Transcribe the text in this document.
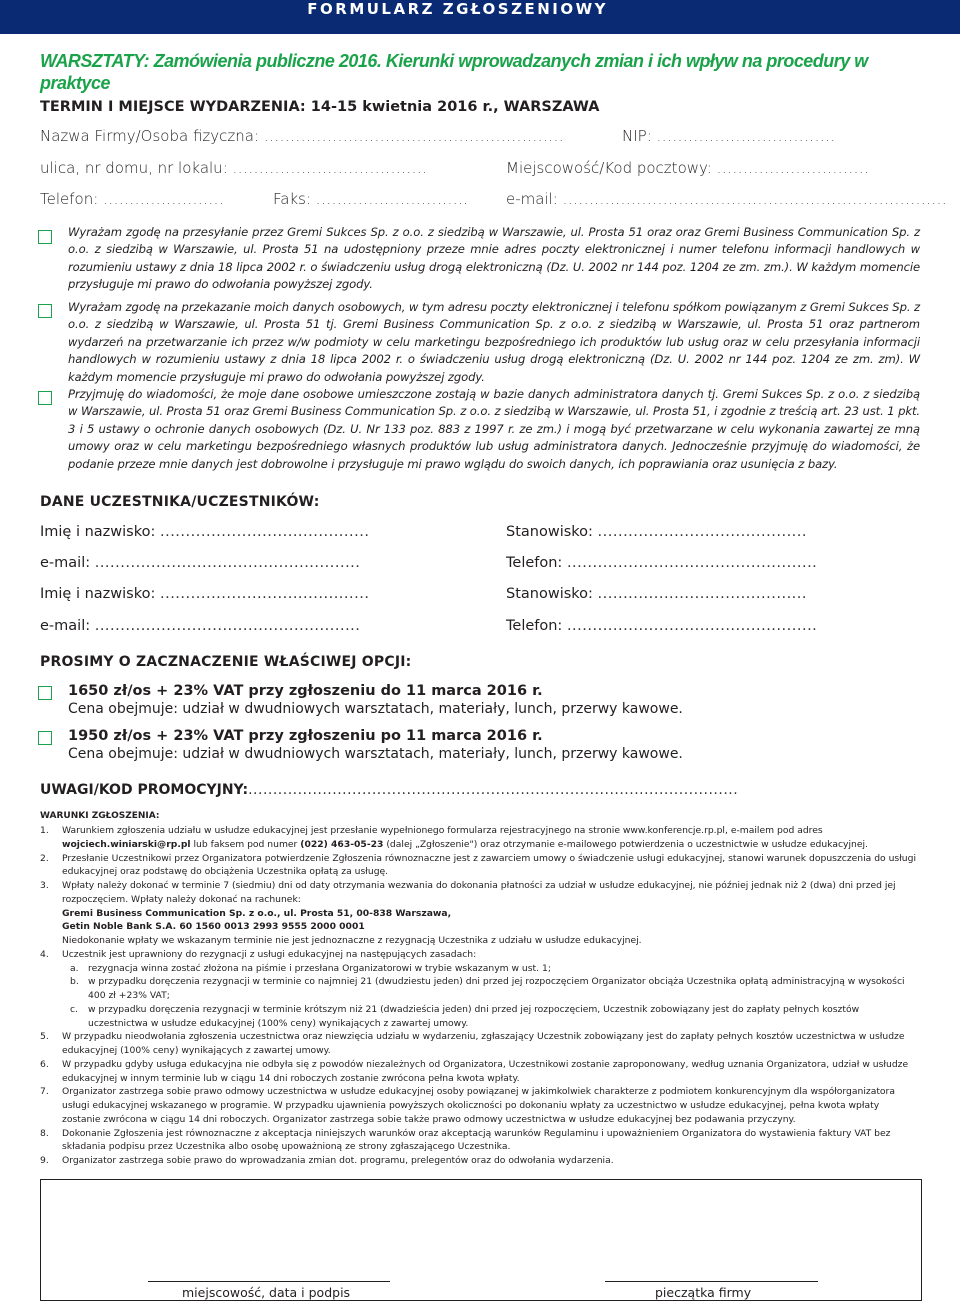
FORMULARZ ZGŁOSZENIOWY
WARSZTATY: Zamówienia publiczne 2016. Kierunki wprowadzanych zmian i ich wpływ na procedury w praktyce
TERMIN I MIEJSCE WYDARZENIA: 14-15 kwietnia 2016 r., WARSZAWA
Nazwa Firmy/Osoba fizyczna: .........................................................	NIP: ..................................
ulica, nr domu, nr lokalu: .....................................	Miejscowość/Kod pocztowy: .............................
Telefon: .......................	Faks: ............................. e-mail: .........................................................................
Wyrażam zgodę na przesyłanie przez Gremi Sukces Sp. z o.o. z siedzibą w Warszawie, ul. Prosta 51 oraz oraz Gremi Business Communication Sp. z o.o. z siedzibą w Warszawie, ul. Prosta 51 na udostępniony przeze mnie adres poczty elektronicznej i numer telefonu informacji handlowych w rozumieniu ustawy z dnia 18 lipca 2002 r. o świadczeniu usług drogą elektroniczną (Dz. U. 2002 nr 144 poz. 1204 ze zm. zm.). W każdym momencie przysługuje mi prawo do odwołania powyższej zgody.
Wyrażam zgodę na przekazanie moich danych osobowych, w tym adresu poczty elektronicznej i telefonu spółkom powiązanym z Gremi Sukces Sp. z o.o. z siedzibą w Warszawie, ul. Prosta 51 tj. Gremi Business Communication Sp. z o.o. z siedzibą w Warszawie, ul. Prosta 51 oraz partnerom wydarzeń na przetwarzanie ich przez w/w podmioty w celu marketingu bezpośredniego ich produktów lub usług oraz w celu przesyłania informacji handlowych w rozumieniu ustawy z dnia 18 lipca 2002 r. o świadczeniu usług drogą elektroniczną (Dz. U. 2002 nr 144 poz. 1204 ze zm. zm). W każdym momencie przysługuje mi prawo do odwołania powyższej zgody.
Przyjmuję do wiadomości, że moje dane osobowe umieszczone zostają w bazie danych administratora danych tj. Gremi Sukces Sp. z o.o. z siedzibą w Warszawie, ul. Prosta 51 oraz Gremi Business Communication Sp. z o.o. z siedzibą w Warszawie, ul. Prosta 51, i zgodnie z treścią art. 23 ust. 1 pkt. 3 i 5 ustawy o ochronie danych osobowych (Dz. U. Nr 133 poz. 883 z 1997 r. ze zm.) i mogą być przetwarzane w celu wykonania zawartej ze mną umowy oraz w celu marketingu bezpośredniego własnych produktów lub usług administratora danych. Jednocześnie przyjmuję do wiadomości, że podanie przeze mnie danych jest dobrowolne i przysługuje mi prawo wglądu do swoich danych, ich poprawiania oraz usunięcia z bazy.
DANE UCZESTNIKA/UCZESTNIKÓW:
Imię i nazwisko: .........................................	Stanowisko: .........................................
e-mail: ....................................................	Telefon: .................................................
Imię i nazwisko: .........................................	Stanowisko: .........................................
e-mail: ....................................................	Telefon: .................................................
PROSIMY O ZACZNACZENIE WŁAŚCIWEJ OPCJI:
1650 zł/os + 23% VAT przy zgłoszeniu do 11 marca 2016 r.
Cena obejmuje: udział w dwudniowych warsztatach, materiały, lunch, przerwy kawowe.
1950 zł/os + 23% VAT przy zgłoszeniu po 11 marca 2016 r.
Cena obejmuje: udział w dwudniowych warsztatach, materiały, lunch, przerwy kawowe.
UWAGI/KOD PROMOCYJNY:...................................................................................................
WARUNKI ZGŁOSZENIA:
1. Warunkiem zgłoszenia udziału w usłudze edukacyjnej jest przesłanie wypełnionego formularza rejestracyjnego na stronie www.konferencje.rp.pl, e-mailem pod adres
wojciech.winiarski@rp.pl lub faksem pod numer (022) 463-05-23 (dalej „Zgłoszenie") oraz otrzymanie e-mailowego potwierdzenia o uczestnictwie w usłudze edukacyjnej.
2. Przesłanie Uczestnikowi przez Organizatora potwierdzenie Zgłoszenia równoznaczne jest z zawarciem umowy o świadczenie usługi edukacyjnej, stanowi warunek dopuszczenia do usługi edukacyjnej oraz podstawę do obciążenia Uczestnika opłatą za usługę.
3. Wpłaty należy dokonać w terminie 7 (siedmiu) dni od daty otrzymania wezwania do dokonania płatności za udział w usłudze edukacyjnej, nie później jednak niż 2 (dwa) dni przed jej rozpoczęciem. Wpłaty należy dokonać na rachunek:
Gremi Business Communication Sp. z o.o., ul. Prosta 51, 00-838 Warszawa,
Getin Noble Bank S.A. 60 1560 0013 2993 9555 2000 0001
Niedokonanie wpłaty we wskazanym terminie nie jest jednoznaczne z rezygnacją Uczestnika z udziału w usłudze edukacyjnej.
4. Uczestnik jest uprawniony do rezygnacji z usługi edukacyjnej na następujących zasadach:
a. rezygnacja winna zostać złożona na piśmie i przesłana Organizatorowi w trybie wskazanym w ust. 1;
b. w przypadku doręczenia rezygnacji w terminie co najmniej 21 (dwudziestu jeden) dni przed jej rozpoczęciem Organizator obciąża Uczestnika opłatą administracyjną w wysokości 400 zł +23% VAT;
c. w przypadku doręczenia rezygnacji w terminie krótszym niż 21 (dwadzieścia jeden) dni przed jej rozpoczęciem, Uczestnik zobowiązany jest do zapłaty pełnych kosztów uczestnictwa w usłudze edukacyjnej (100% ceny) wynikających z zawartej umowy.
5. W przypadku nieodwołania zgłoszenia uczestnictwa oraz niewzięcia udziału w wydarzeniu, zgłaszający Uczestnik zobowiązany jest do zapłaty pełnych kosztów uczestnictwa w usłudze edukacyjnej (100% ceny) wynikających z zawartej umowy.
6. W przypadku gdyby usługa edukacyjna nie odbyła się z powodów niezależnych od Organizatora, Uczestnikowi zostanie zaproponowany, według uznania Organizatora, udział w usłudze edukacyjnej w innym terminie lub w ciągu 14 dni roboczych zostanie zwrócona pełna kwota wpłaty.
7. Organizator zastrzega sobie prawo odmowy uczestnictwa w usłudze edukacyjnej osoby powiązanej w jakimkolwiek charakterze z podmiotem konkurencyjnym dla współorganizatora usługi edukacyjnej wskazanego w programie. W przypadku ujawnienia powyższych okoliczności po dokonaniu wpłaty za uczestnictwo w usłudze edukacyjnej, pełna kwota wpłaty zostanie zwrócona w ciągu 14 dni roboczych. Organizator zastrzega sobie także prawo odmowy uczestnictwa w usłudze edukacyjnej bez podawania przyczyny.
8. Dokonanie Zgłoszenia jest równoznaczne z akceptacja niniejszych warunków oraz akceptacją warunków Regulaminu i upoważnieniem Organizatora do wystawienia faktury VAT bez składania podpisu przez Uczestnika albo osobę upoważnioną ze strony zgłaszającego Uczestnika.
9. Organizator zastrzega sobie prawo do wprowadzania zmian dot. programu, prelegentów oraz do odwołania wydarzenia.
miejscowość, data i podpis	pieczątka firmy
